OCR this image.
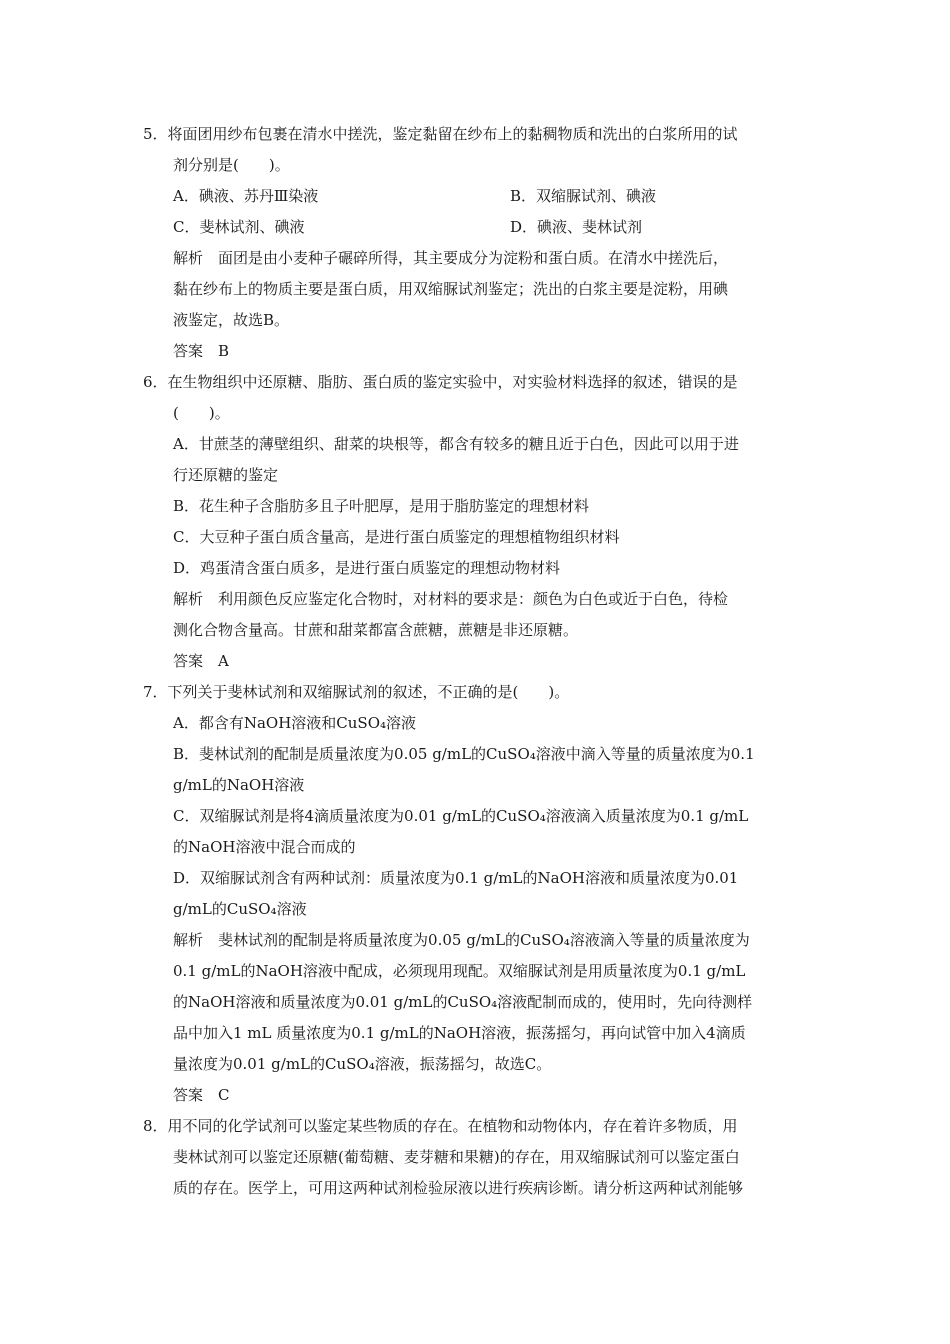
5．将面团用纱布包裹在清水中搓洗，鉴定黏留在纱布上的黏稠物质和洗出的白浆所用的试
剂分别是(　　)。
A．碘液、苏丹Ⅲ染液	B．双缩脲试剂、碘液
C．斐林试剂、碘液	D．碘液、斐林试剂
解析　 面团是由小麦种子碾碎所得，其主要成分为淀粉和蛋白质。在清水中搓洗后，
黏在纱布上的物质主要是蛋白质，用双缩脲试剂鉴定；洗出的白浆主要是淀粉，用碘
液鉴定，故选B。
答案　 B
6．在生物组织中还原糖、脂肪、蛋白质的鉴定实验中，对实验材料选择的叙述，错误的是
(　　)。
A．甘蔗茎的薄壁组织、甜菜的块根等，都含有较多的糖且近于白色，因此可以用于进
行还原糖的鉴定
B．花生种子含脂肪多且子叶肥厚，是用于脂肪鉴定的理想材料
C．大豆种子蛋白质含量高，是进行蛋白质鉴定的理想植物组织材料
D．鸡蛋清含蛋白质多，是进行蛋白质鉴定的理想动物材料
解析　 利用颜色反应鉴定化合物时，对材料的要求是：颜色为白色或近于白色，待检
测化合物含量高。甘蔗和甜菜都富含蔗糖，蔗糖是非还原糖。
答案　 A
7．下列关于斐林试剂和双缩脲试剂的叙述，不正确的是(　　)。
A．都含有NaOH溶液和CuSO₄溶液
B．斐林试剂的配制是质量浓度为0.05 g/mL的CuSO₄溶液中滴入等量的质量浓度为0.1
g/mL的NaOH溶液
C．双缩脲试剂是将4滴质量浓度为0.01 g/mL的CuSO₄溶液滴入质量浓度为0.1 g/mL
的NaOH溶液中混合而成的
D．双缩脲试剂含有两种试剂：质量浓度为0.1 g/mL的NaOH溶液和质量浓度为0.01
g/mL的CuSO₄溶液
解析　 斐林试剂的配制是将质量浓度为0.05 g/mL的CuSO₄溶液滴入等量的质量浓度为
0.1 g/mL的NaOH溶液中配成，必须现用现配。双缩脲试剂是用质量浓度为0.1 g/mL
的NaOH溶液和质量浓度为0.01 g/mL的CuSO₄溶液配制而成的，使用时，先向待测样
品中加入1 mL 质量浓度为0.1 g/mL的NaOH溶液，振荡摇匀，再向试管中加入4滴质
量浓度为0.01 g/mL的CuSO₄溶液，振荡摇匀，故选C。
答案　 C
8．用不同的化学试剂可以鉴定某些物质的存在。在植物和动物体内，存在着许多物质，用
斐林试剂可以鉴定还原糖(葡萄糖、麦芽糖和果糖)的存在，用双缩脲试剂可以鉴定蛋白
质的存在。医学上，可用这两种试剂检验尿液以进行疾病诊断。请分析这两种试剂能够
